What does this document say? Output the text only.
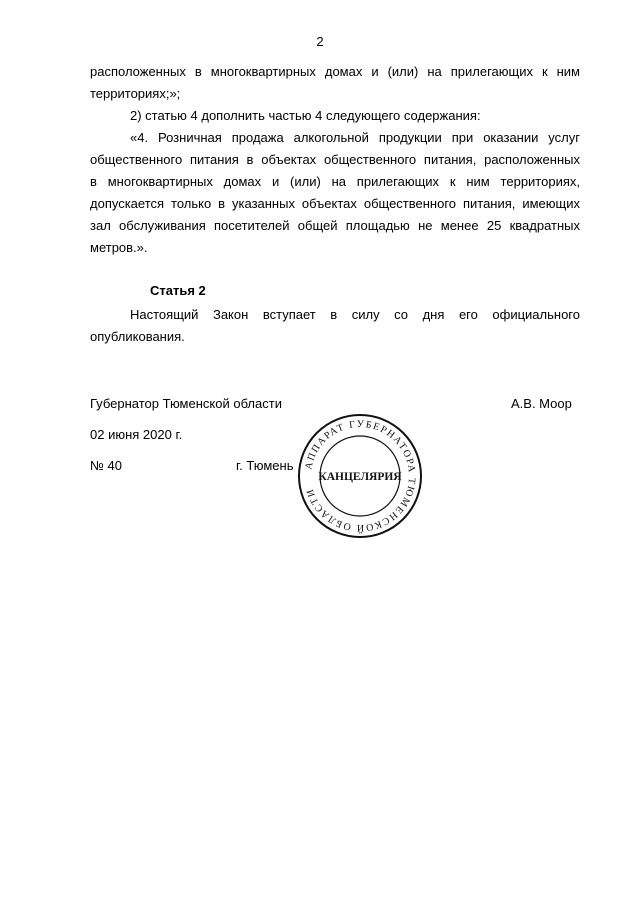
2
расположенных в многоквартирных домах и (или) на прилегающих к ним
территориях;»;
2) статью 4 дополнить частью 4 следующего содержания:
«4. Розничная продажа алкогольной продукции при оказании услуг
общественного питания в объектах общественного питания, расположенных
в многоквартирных домах и (или) на прилегающих к ним территориях,
допускается только в указанных объектах общественного питания, имеющих
зал обслуживания посетителей общей площадью не менее 25 квадратных
метров.».
Статья 2
Настоящий Закон вступает в силу со дня его официального
опубликования.
Губернатор Тюменской области	А.В. Моор
02 июня 2020 г.
№ 40	г. Тюмень АППАРАТ ГУБЕРНАТОРА ТЮМЕНСКОЙ ОБЛАСТИ
КАНЦЕЛЯРИЯ
